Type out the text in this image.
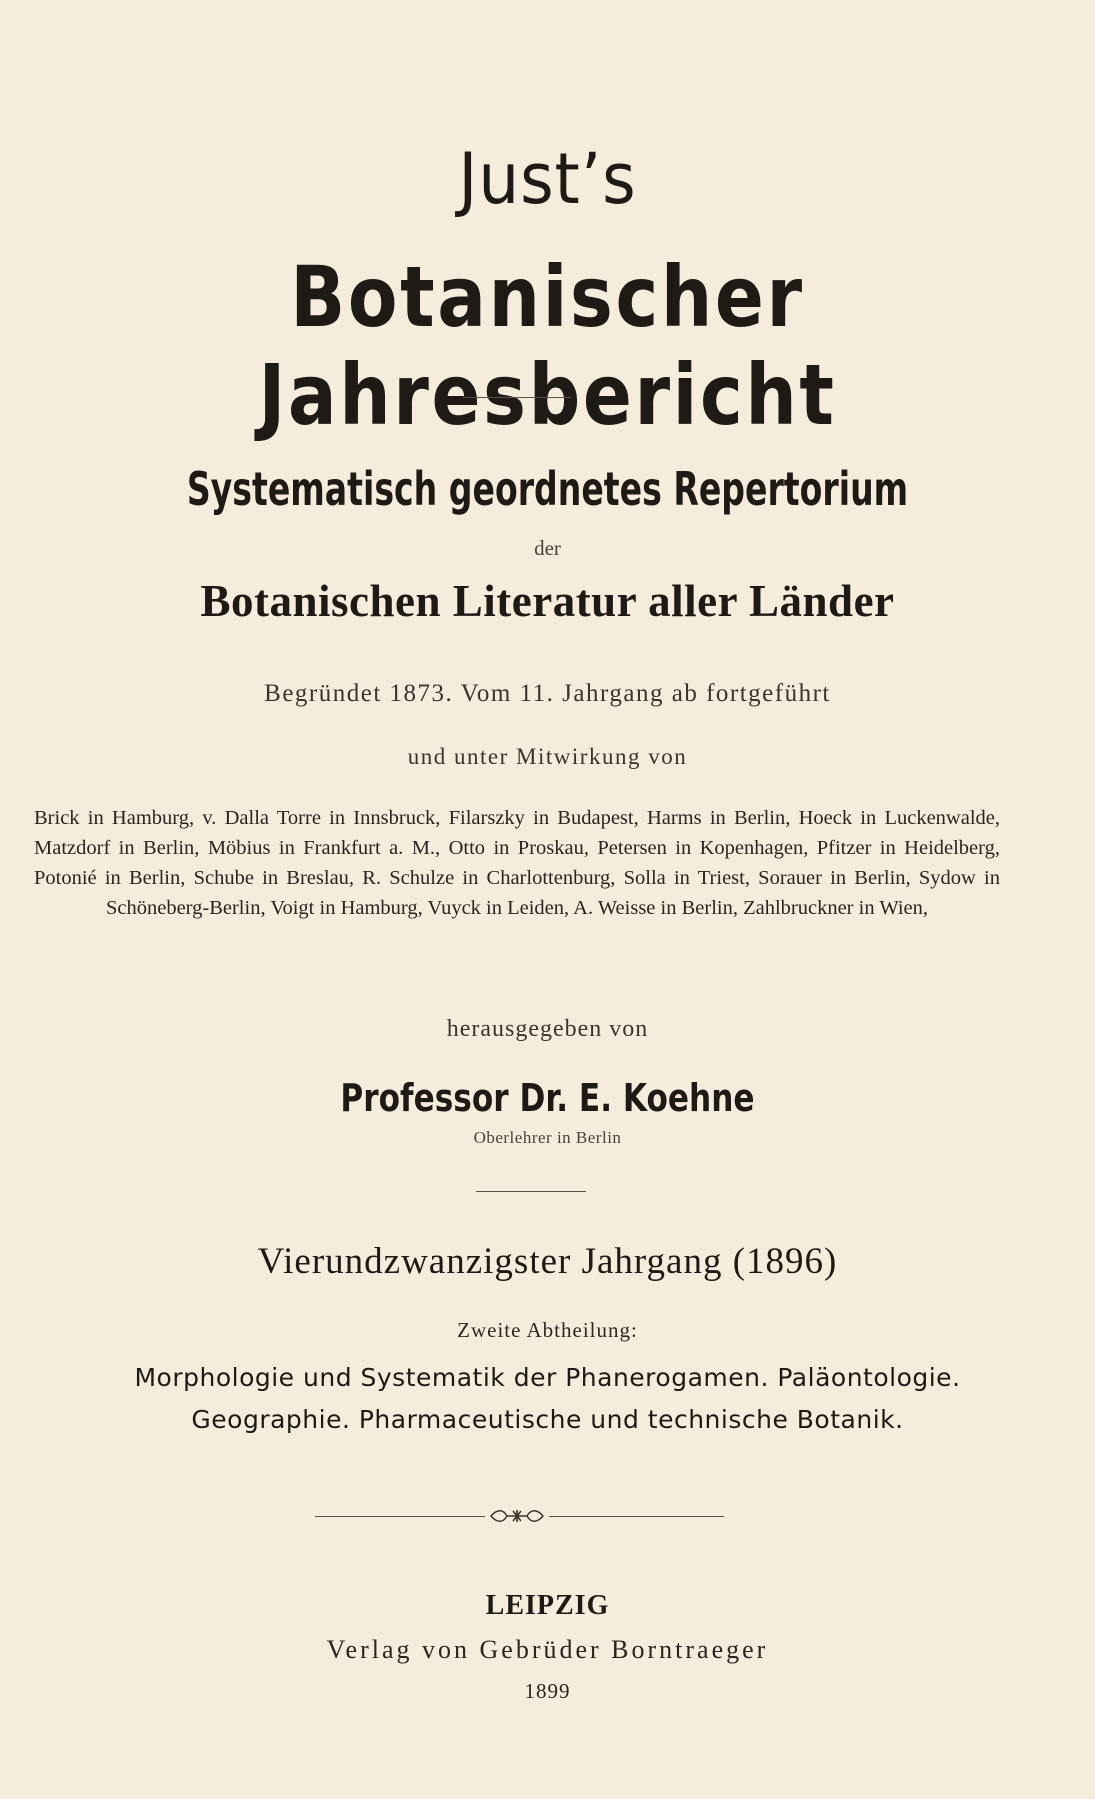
Just’s
Botanischer Jahresbericht
Systematisch geordnetes Repertorium
der
Botanischen Literatur aller Länder
Begründet 1873. Vom 11. Jahrgang ab fortgeführt
und unter Mitwirkung von
Brick in Hamburg, v. Dalla Torre in Innsbruck, Filarszky in Budapest, Harms in Berlin, Hoeck in Luckenwalde, Matzdorf in Berlin, Möbius in Frankfurt a. M., Otto in Proskau, Petersen in Kopenhagen, Pfitzer in Heidelberg, Potonié in Berlin, Schube in Breslau, R. Schulze in Charlottenburg, Solla in Triest, Sorauer in Berlin, Sydow in Schöneberg-Berlin, Voigt in Hamburg, Vuyck in Leiden, A. Weisse in Berlin, Zahlbruckner in Wien,
herausgegeben von
Professor Dr. E. Koehne
Oberlehrer in Berlin
Vierundzwanzigster Jahrgang (1896)
Zweite Abtheilung:
Morphologie und Systematik der Phanerogamen. Paläontologie.
Geographie. Pharmaceutische und technische Botanik.
LEIPZIG
Verlag von Gebrüder Borntraeger
1899
